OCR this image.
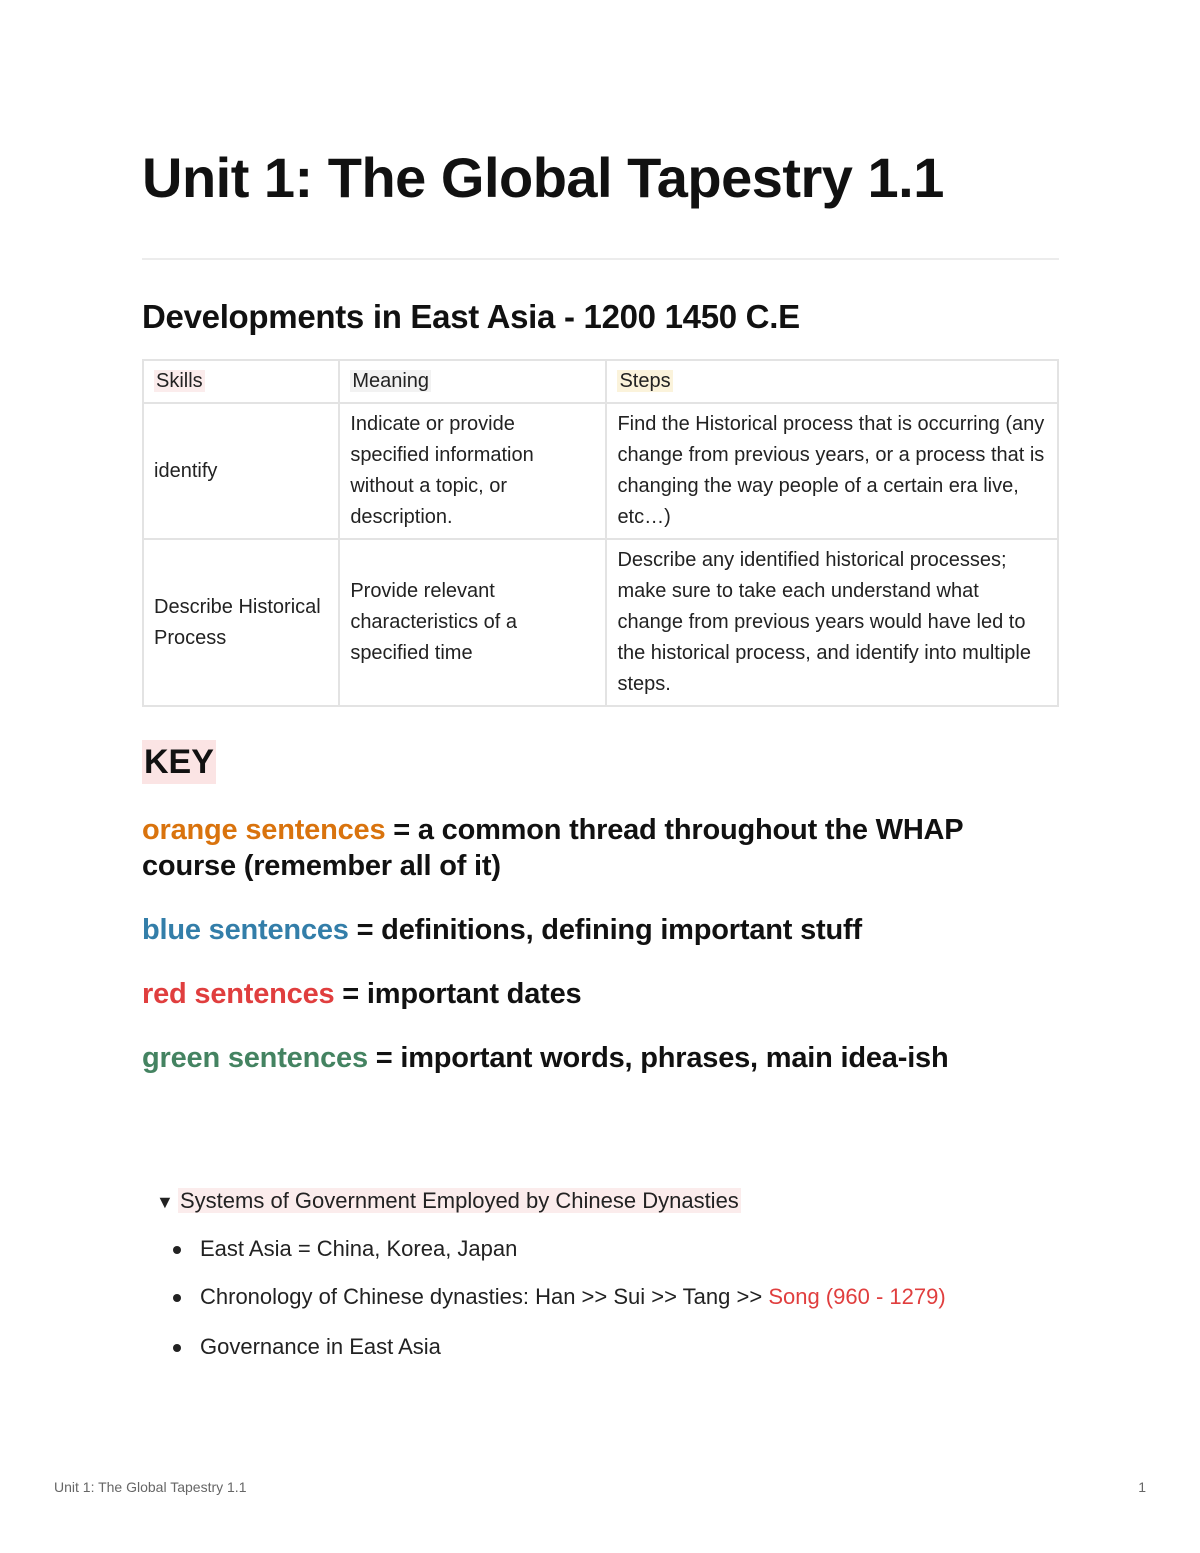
Unit 1: The Global Tapestry 1.1
Developments in East Asia - 1200 1450 C.E
Skills	Meaning	Steps
identify	Indicate or provide specified information without a topic, or description.	Find the Historical process that is occurring (any change from previous years, or a process that is changing the way people of a certain era live, etc…)
Describe Historical Process	Provide relevant characteristics of a specified time	Describe any identified historical processes; make sure to take each understand what change from previous years would have led to the historical process, and identify into multiple steps.
KEY
orange sentences = a common thread throughout the WHAP course (remember all of it)
blue sentences = definitions, defining important stuff
red sentences = important dates
green sentences = important words, phrases, main idea-ish
▼ Systems of Government Employed by Chinese Dynasties
East Asia = China, Korea, Japan
Chronology of Chinese dynasties: Han >> Sui >> Tang >> Song (960 - 1279)
Governance in East Asia
Unit 1: The Global Tapestry 1.1	1
